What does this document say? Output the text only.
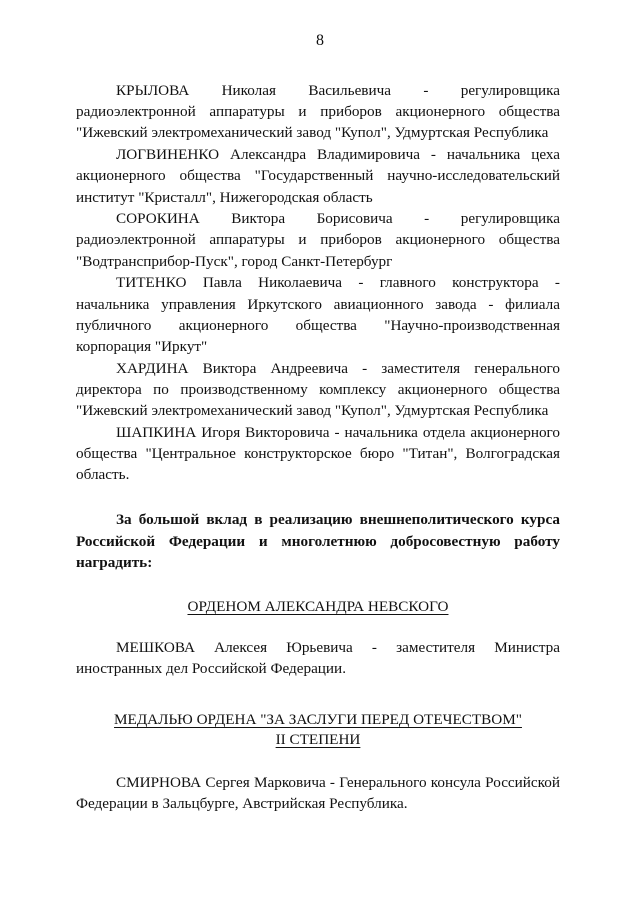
8

КРЫЛОВА Николая Васильевича - регулировщика радиоэлектронной аппаратуры и приборов акционерного общества "Ижевский электромеханический завод "Купол", Удмуртская Республика

ЛОГВИНЕНКО Александра Владимировича - начальника цеха акционерного общества "Государственный научно-исследовательский институт "Кристалл", Нижегородская область

СОРОКИНА Виктора Борисовича - регулировщика радиоэлектронной аппаратуры и приборов акционерного общества "Водтрансприбор-Пуск", город Санкт-Петербург

ТИТЕНКО Павла Николаевича - главного конструктора - начальника управления Иркутского авиационного завода - филиала публичного акционерного общества "Научно-производственная корпорация "Иркут"

ХАРДИНА Виктора Андреевича - заместителя генерального директора по производственному комплексу акционерного общества "Ижевский электромеханический завод "Купол", Удмуртская Республика

ШАПКИНА Игоря Викторовича - начальника отдела акционерного общества "Центральное конструкторское бюро "Титан", Волгоградская область.

За большой вклад в реализацию внешнеполитического курса Российской Федерации и многолетнюю добросовестную работу наградить:

ОРДЕНОМ АЛЕКСАНДРА НЕВСКОГО

МЕШКОВА Алексея Юрьевича - заместителя Министра иностранных дел Российской Федерации.

МЕДАЛЬЮ ОРДЕНА "ЗА ЗАСЛУГИ ПЕРЕД ОТЕЧЕСТВОМ"

II СТЕПЕНИ

СМИРНОВА Сергея Марковича - Генерального консула Российской Федерации в Зальцбурге, Австрийская Республика.
